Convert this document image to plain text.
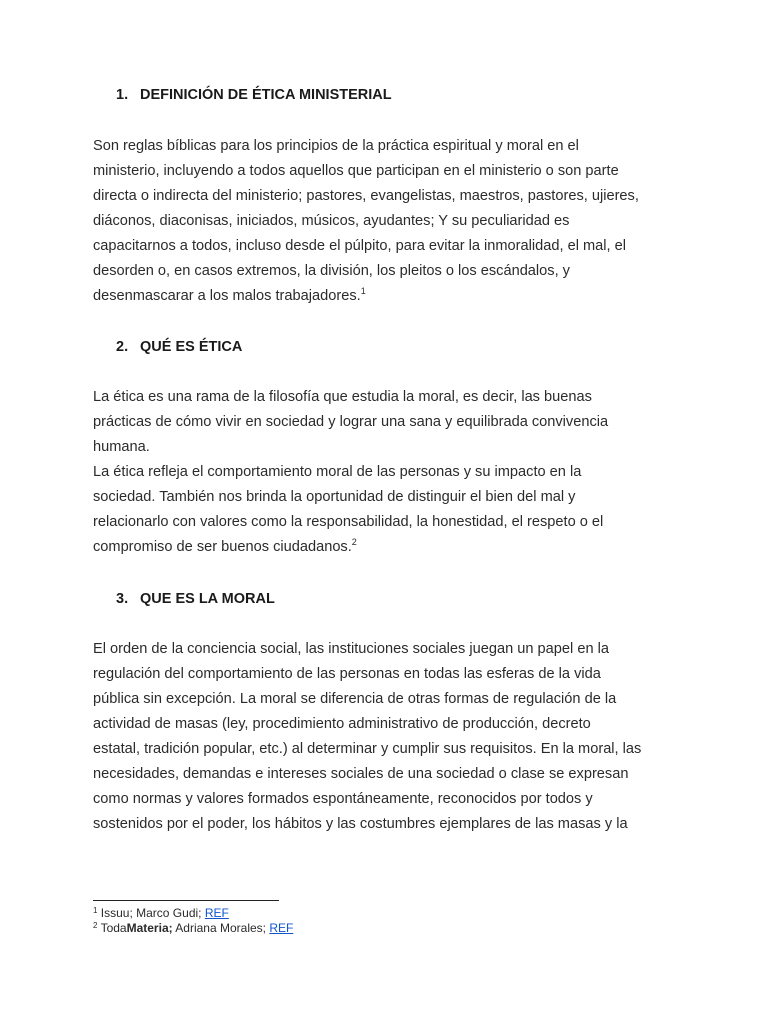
1. DEFINICIÓN DE ÉTICA MINISTERIAL
Son reglas bíblicas para los principios de la práctica espiritual y moral en el
ministerio, incluyendo a todos aquellos que participan en el ministerio o son parte
directa o indirecta del ministerio; pastores, evangelistas, maestros, pastores, ujieres,
diáconos, diaconisas, iniciados, músicos, ayudantes; Y su peculiaridad es
capacitarnos a todos, incluso desde el púlpito, para evitar la inmoralidad, el mal, el
desorden o, en casos extremos, la división, los pleitos o los escándalos, y
desenmascarar a los malos trabajadores.$^1$
2. QUÉ ES ÉTICA
La ética es una rama de la filosofía que estudia la moral, es decir, las buenas
prácticas de cómo vivir en sociedad y lograr una sana y equilibrada convivencia
humana.
La ética refleja el comportamiento moral de las personas y su impacto en la
sociedad. También nos brinda la oportunidad de distinguir el bien del mal y
relacionarlo con valores como la responsabilidad, la honestidad, el respeto o el
compromiso de ser buenos ciudadanos.$^2$
3. QUE ES LA MORAL
El orden de la conciencia social, las instituciones sociales juegan un papel en la
regulación del comportamiento de las personas en todas las esferas de la vida
pública sin excepción. La moral se diferencia de otras formas de regulación de la
actividad de masas (ley, procedimiento administrativo de producción, decreto
estatal, tradición popular, etc.) al determinar y cumplir sus requisitos. En la moral, las
necesidades, demandas e intereses sociales de una sociedad o clase se expresan
como normas y valores formados espontáneamente, reconocidos por todos y
sostenidos por el poder, los hábitos y las costumbres ejemplares de las masas y la
$^1$ Issuu; Marco Gudi; REF
$^2$ TodaMateria; Adriana Morales; REF
